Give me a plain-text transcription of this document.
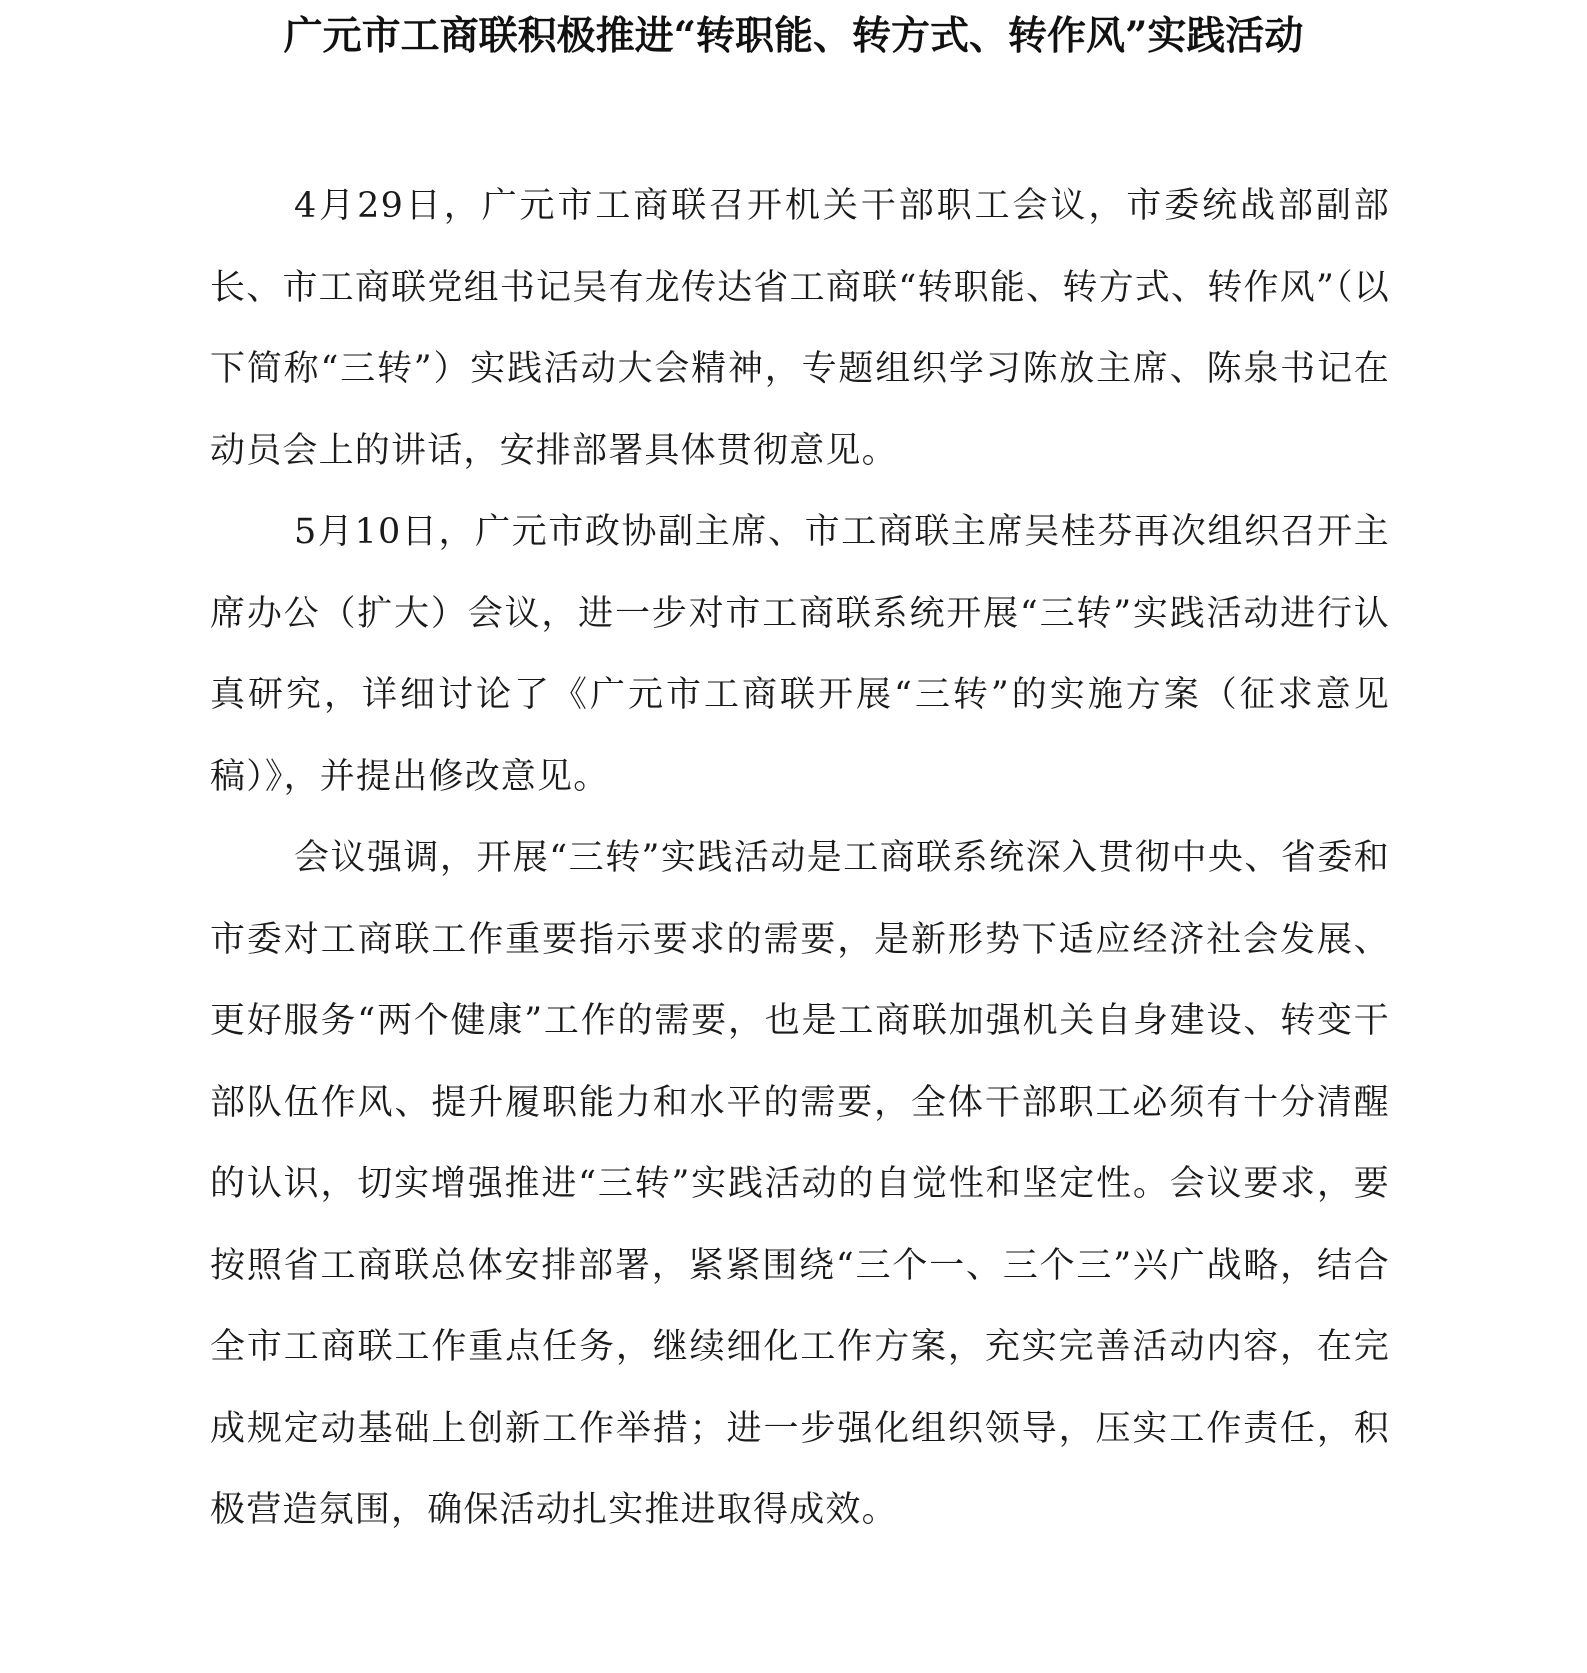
广元市工商联积极推进“转职能、转方式、转作风”实践活动

4月29日，广元市工商联召开机关干部职工会议，市委统战部副部长、市工商联党组书记吴有龙传达省工商联“转职能、转方式、转作风”（以下简称“三转”）实践活动大会精神，专题组织学习陈放主席、陈泉书记在动员会上的讲话，安排部署具体贯彻意见。

5月10日，广元市政协副主席、市工商联主席吴桂芬再次组织召开主席办公（扩大）会议，进一步对市工商联系统开展“三转”实践活动进行认真研究，详细讨论了《广元市工商联开展“三转”的实施方案（征求意见稿）》，并提出修改意见。

会议强调，开展“三转”实践活动是工商联系统深入贯彻中央、省委和市委对工商联工作重要指示要求的需要，是新形势下适应经济社会发展、更好服务“两个健康”工作的需要，也是工商联加强机关自身建设、转变干部队伍作风、提升履职能力和水平的需要，全体干部职工必须有十分清醒的认识，切实增强推进“三转”实践活动的自觉性和坚定性。会议要求，要按照省工商联总体安排部署，紧紧围绕“三个一、三个三”兴广战略，结合全市工商联工作重点任务，继续细化工作方案，充实完善活动内容，在完成规定动基础上创新工作举措；进一步强化组织领导，压实工作责任，积极营造氛围，确保活动扎实推进取得成效。
